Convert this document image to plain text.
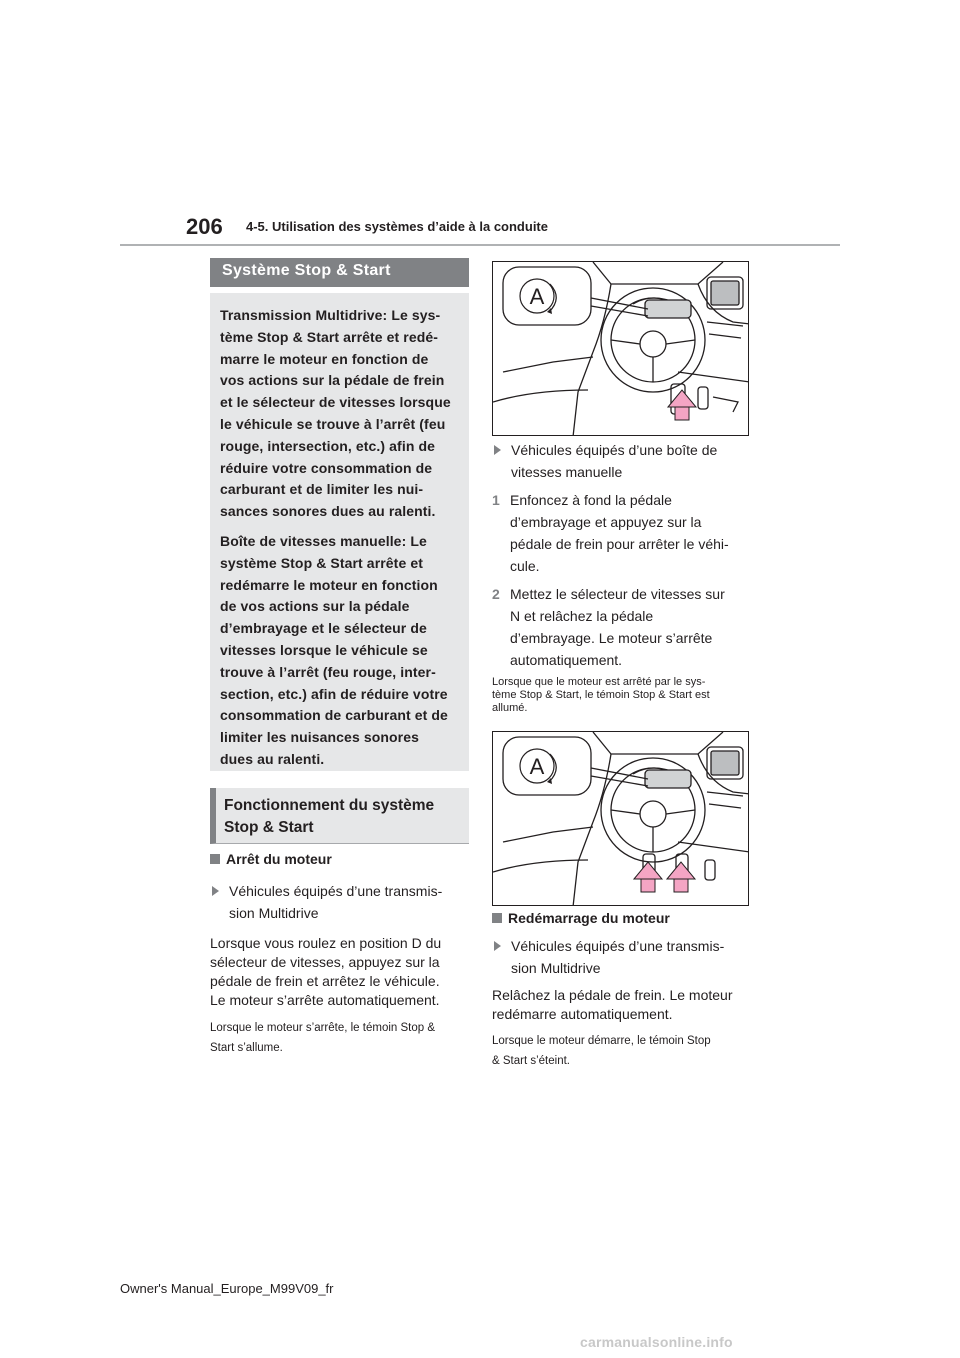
206 4-5. Utilisation des systèmes d’aide à la conduite
Système Stop & Start

Transmission Multidrive: Le sys-
tème Stop & Start arrête et redé-
marre le moteur en fonction de
vos actions sur la pédale de frein
et le sélecteur de vitesses lorsque
le véhicule se trouve à l’arrêt (feu
rouge, intersection, etc.) afin de
réduire votre consommation de
carburant et de limiter les nui-
sances sonores dues au ralenti.

Boîte de vitesses manuelle: Le
système Stop & Start arrête et
redémarre le moteur en fonction
de vos actions sur la pédale
d’embrayage et le sélecteur de
vitesses lorsque le véhicule se
trouve à l’arrêt (feu rouge, inter-
section, etc.) afin de réduire votre
consommation de carburant et de
limiter les nuisances sonores
dues au ralenti.

Fonctionnement du système
Stop & Start
Arrêt du moteur
Véhicules équipés d’une transmis-
sion Multidrive

Lorsque vous roulez en position D du
sélecteur de vitesses, appuyez sur la
pédale de frein et arrêtez le véhicule.
Le moteur s’arrête automatiquement.

Lorsque le moteur s’arrête, le témoin Stop &
Start s’allume.

A
Véhicules équipés d’une boîte de
vitesses manuelle
1 Enfoncez à fond la pédale
d’embrayage et appuyez sur la
pédale de frein pour arrêter le véhi-
cule.
2 Mettez le sélecteur de vitesses sur
N et relâchez la pédale
d’embrayage. Le moteur s’arrête
automatiquement.

Lorsque que le moteur est arrêté par le sys-
tème Stop & Start, le témoin Stop & Start est
allumé.

A
Redémarrage du moteur
Véhicules équipés d’une transmis-
sion Multidrive

Relâchez la pédale de frein. Le moteur
redémarre automatiquement.

Lorsque le moteur démarre, le témoin Stop
& Start s’éteint.

Owner's Manual_Europe_M99V09_fr
carmanualsonline.info
